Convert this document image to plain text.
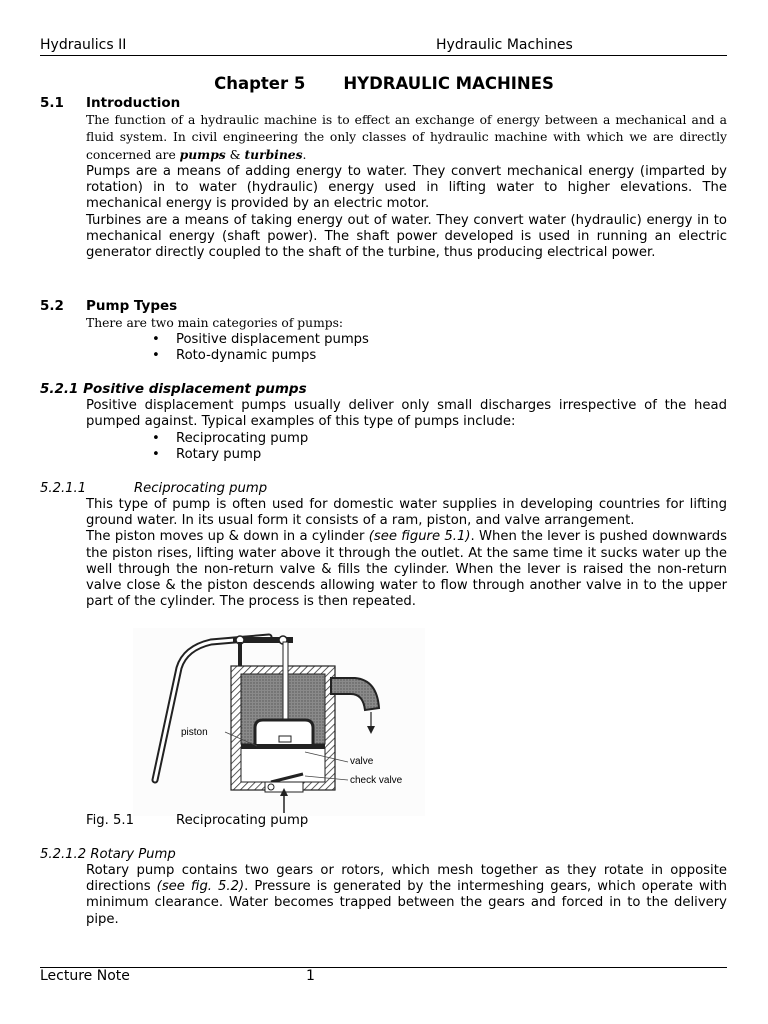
Hydraulics II	Hydraulic Machines
Chapter 5 HYDRAULIC MACHINES
5.1 Introduction

The function of a hydraulic machine is to effect an exchange of energy between a mechanical and a fluid system. In civil engineering the only classes of hydraulic machine with which we are directly concerned are pumps & turbines.

Pumps are a means of adding energy to water. They convert mechanical energy (imparted by rotation) in to water (hydraulic) energy used in lifting water to higher elevations. The mechanical energy is provided by an electric motor.

Turbines are a means of taking energy out of water. They convert water (hydraulic) energy in to mechanical energy (shaft power). The shaft power developed is used in running an electric generator directly coupled to the shaft of the turbine, thus producing electrical power.

5.2 Pump Types
There are two main categories of pumps:
• Positive displacement pumps
• Roto-dynamic pumps
5.2.1 Positive displacement pumps
Positive displacement pumps usually deliver only small discharges irrespective of the head pumped against. Typical examples of this type of pumps include:
• Reciprocating pump
• Rotary pump
5.2.1.1	Reciprocating pump

This type of pump is often used for domestic water supplies in developing countries for lifting ground water. In its usual form it consists of a ram, piston, and valve arrangement.

The piston moves up & down in a cylinder (see figure 5.1). When the lever is pushed downwards the piston rises, lifting water above it through the outlet. At the same time it sucks water up the well through the non-return valve & fills the cylinder. When the lever is raised the non-return valve close & the piston descends allowing water to flow through another valve in to the upper part of the cylinder. The process is then repeated.

piston
valve
check valve
Fig. 5.1	Reciprocating pump
5.2.1.2 Rotary Pump

Rotary pump contains two gears or rotors, which mesh together as they rotate in opposite directions (see fig. 5.2). Pressure is generated by the intermeshing gears, which operate with minimum clearance. Water becomes trapped between the gears and forced in to the delivery pipe.

Lecture Note	1
